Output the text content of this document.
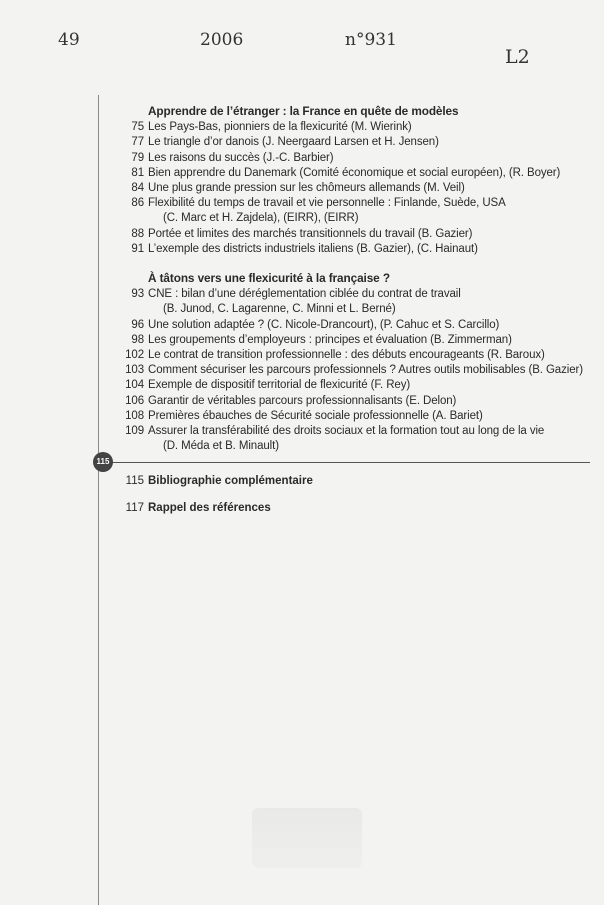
49	2006	n°931
L2
115
Apprendre de l’étranger : la France en quête de modèles
75 Les Pays-Bas, pionniers de la flexicurité (M. Wierink)
77 Le triangle d’or danois (J. Neergaard Larsen et H. Jensen)
79 Les raisons du succès (J.-C. Barbier)
81 Bien apprendre du Danemark (Comité économique et social européen), (R. Boyer)
84 Une plus grande pression sur les chômeurs allemands (M. Veil)
86 Flexibilité du temps de travail et vie personnelle : Finlande, Suède, USA
(C. Marc et H. Zajdela), (EIRR), (EIRR)
88 Portée et limites des marchés transitionnels du travail (B. Gazier)
91 L’exemple des districts industriels italiens (B. Gazier), (C. Hainaut)
À tâtons vers une flexicurité à la française ?
93 CNE : bilan d’une déréglementation ciblée du contrat de travail
(B. Junod, C. Lagarenne, C. Minni et L. Berné)
96 Une solution adaptée ? (C. Nicole-Drancourt), (P. Cahuc et S. Carcillo)
98 Les groupements d’employeurs : principes et évaluation (B. Zimmerman)
102 Le contrat de transition professionnelle : des débuts encourageants (R. Baroux)
103 Comment sécuriser les parcours professionnels ? Autres outils mobilisables (B. Gazier)
104 Exemple de dispositif territorial de flexicurité (F. Rey)
106 Garantir de véritables parcours professionnalisants (E. Delon)
108 Premières ébauches de Sécurité sociale professionnelle (A. Bariet)
109 Assurer la transférabilité des droits sociaux et la formation tout au long de la vie
(D. Méda et B. Minault)
115 Bibliographie complémentaire
117 Rappel des références
